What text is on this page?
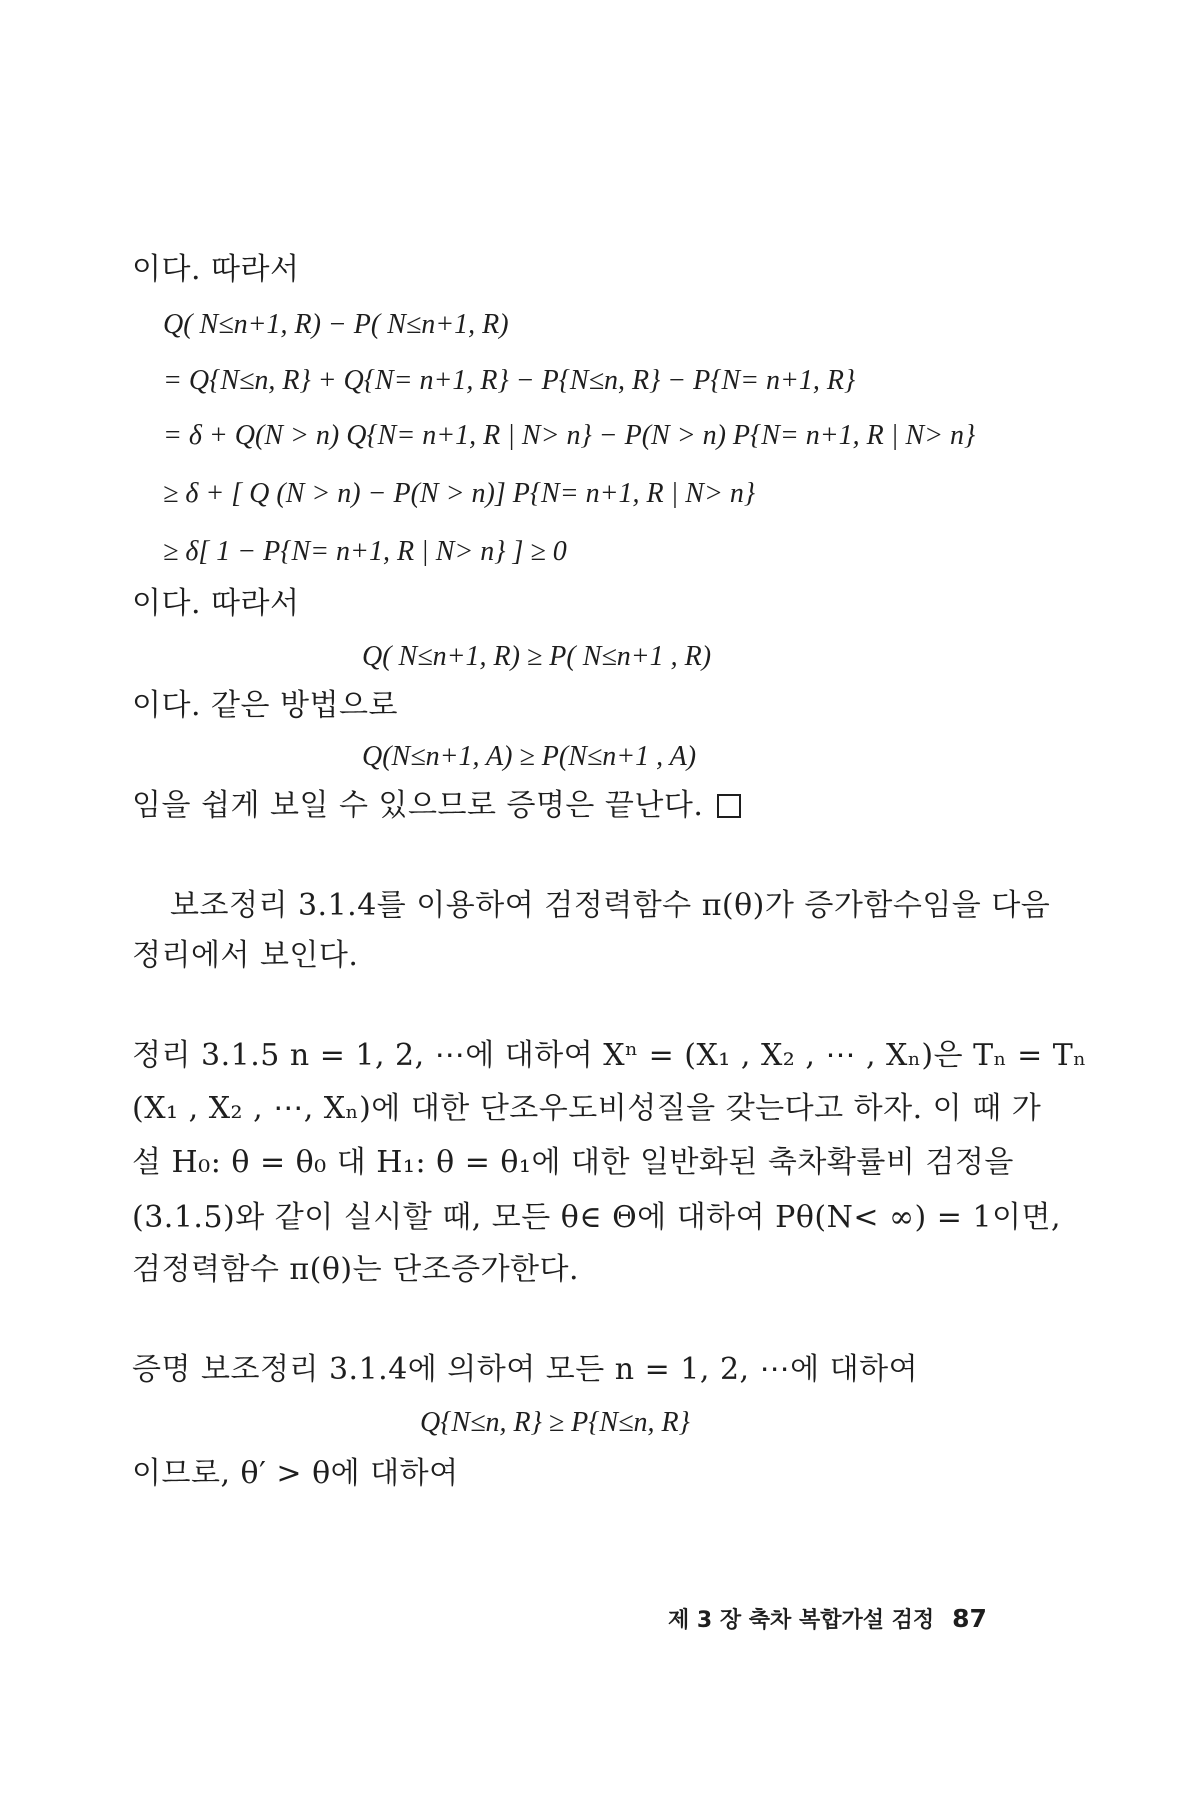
이다. 따라서
Q( N≤n+1, R) − P( N≤n+1, R)
= Q{N≤n, R} + Q{N= n+1, R} − P{N≤n, R} − P{N= n+1, R}
= δ + Q(N > n) Q{N= n+1, R | N> n} − P(N > n) P{N= n+1, R | N> n}
≥ δ + [ Q (N > n) − P(N > n)] P{N= n+1, R | N> n}
≥ δ[ 1 − P{N= n+1, R | N> n} ] ≥ 0
이다. 따라서
Q( N≤n+1, R) ≥ P( N≤n+1 , R)
이다. 같은 방법으로
Q(N≤n+1, A) ≥ P(N≤n+1 , A)
임을 쉽게 보일 수 있으므로 증명은 끝난다.
보조정리 3.1.4를 이용하여 검정력함수 π(θ)가 증가함수임을 다음
정리에서 보인다.
정리 3.1.5 n = 1, 2, ⋯에 대하여 Xⁿ = (X₁ , X₂ , ⋯ , Xₙ)은 Tₙ = Tₙ
(X₁ , X₂ , ⋯, Xₙ)에 대한 단조우도비성질을 갖는다고 하자. 이 때 가
설 H₀: θ = θ₀ 대 H₁: θ = θ₁에 대한 일반화된 축차확률비 검정을
(3.1.5)와 같이 실시할 때, 모든 θ∈ Θ에 대하여 Pθ(N< ∞) = 1이면,
검정력함수 π(θ)는 단조증가한다.
증명 보조정리 3.1.4에 의하여 모든 n = 1, 2, ⋯에 대하여
Q{N≤n, R} ≥ P{N≤n, R}
이므로, θ′ > θ에 대하여
제 3 장 축차 복합가설 검정 87
